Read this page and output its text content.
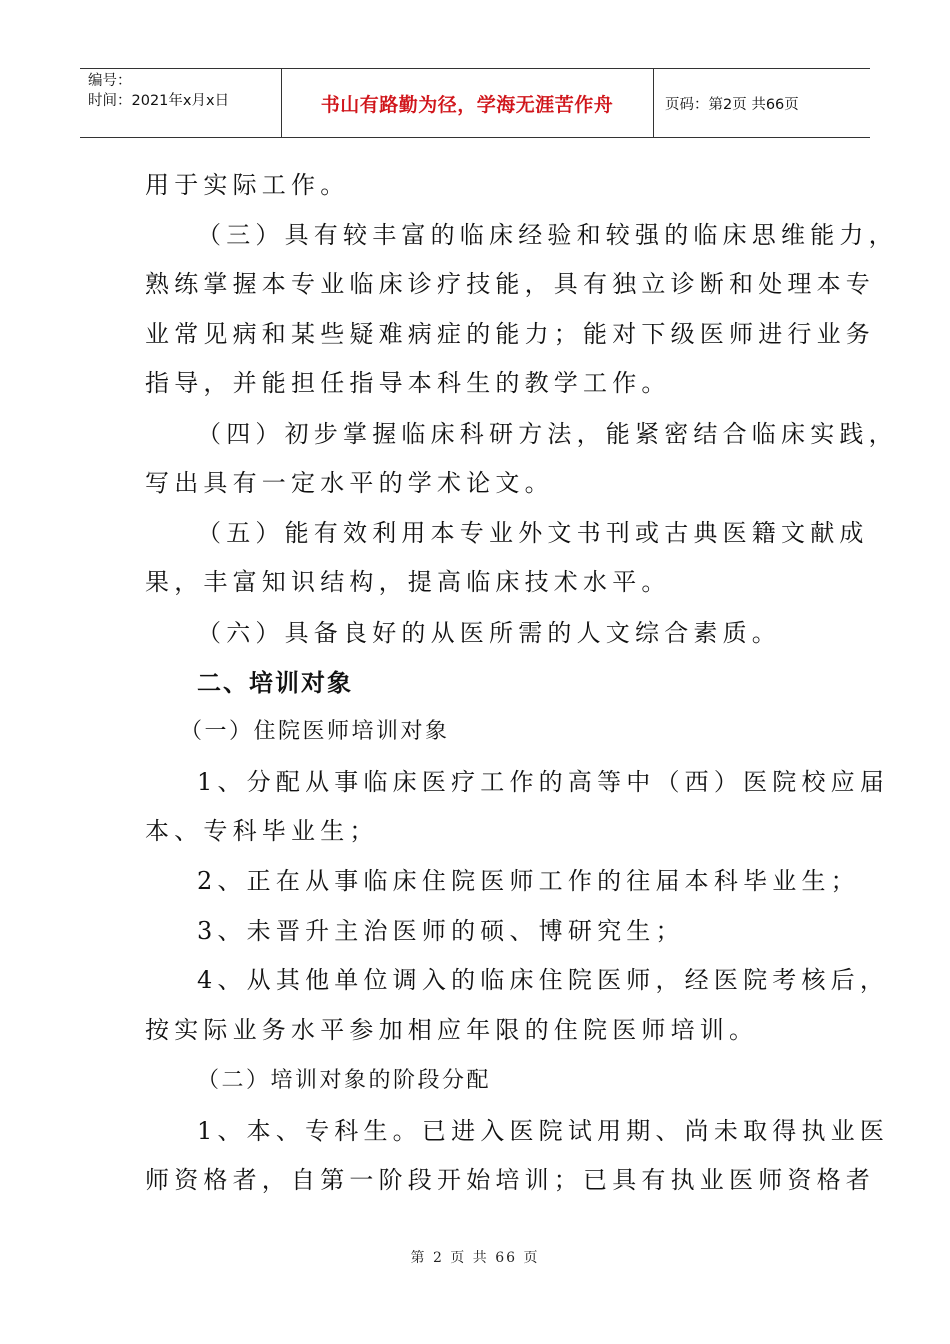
编号：
时间：2021年x月x日	书山有路勤为径，学海无涯苦作舟	页码：第2页 共66页
用于实际工作。
（三）具有较丰富的临床经验和较强的临床思维能力，
熟练掌握本专业临床诊疗技能，具有独立诊断和处理本专
业常见病和某些疑难病症的能力；能对下级医师进行业务
指导，并能担任指导本科生的教学工作。
（四）初步掌握临床科研方法，能紧密结合临床实践，
写出具有一定水平的学术论文。
（五）能有效利用本专业外文书刊或古典医籍文献成
果，丰富知识结构，提高临床技术水平。
（六）具备良好的从医所需的人文综合素质。
二、培训对象
（一）住院医师培训对象
1、分配从事临床医疗工作的高等中（西）医院校应届
本、专科毕业生；
2、正在从事临床住院医师工作的往届本科毕业生；
3、未晋升主治医师的硕、博研究生；
4、从其他单位调入的临床住院医师，经医院考核后，
按实际业务水平参加相应年限的住院医师培训。
（二）培训对象的阶段分配
1、本、专科生。已进入医院试用期、尚未取得执业医
师资格者，自第一阶段开始培训；已具有执业医师资格者
第 2 页 共 66 页
